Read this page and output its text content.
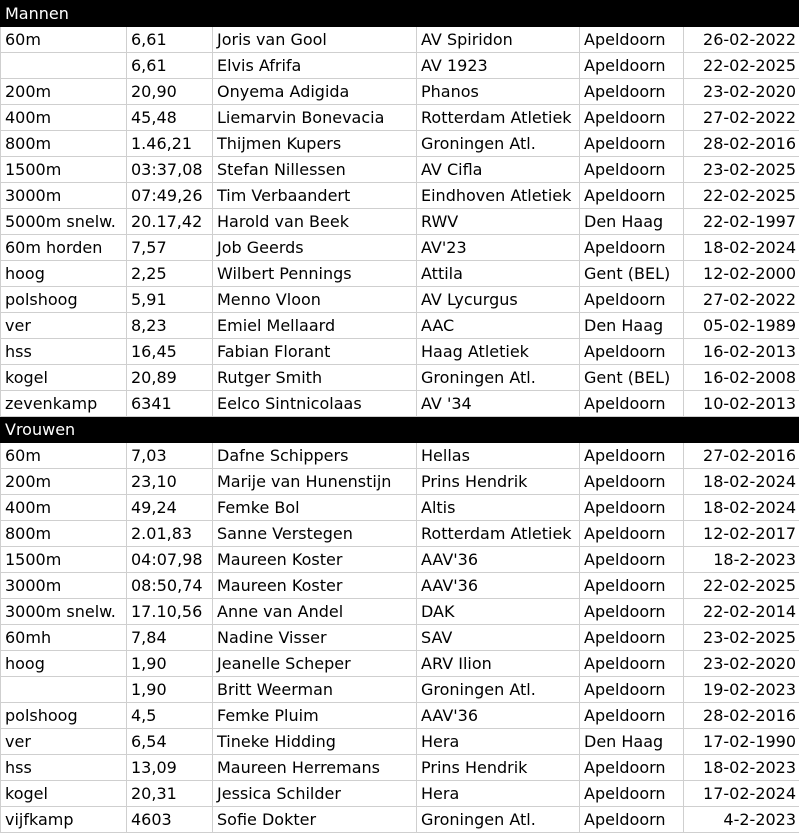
Mannen					
60m	6,61	Joris van Gool	AV Spiridon	Apeldoorn	26-02-2022
	6,61	Elvis Afrifa	AV 1923	Apeldoorn	22-02-2025
200m	20,90	Onyema Adigida	Phanos	Apeldoorn	23-02-2020
400m	45,48	Liemarvin Bonevacia	Rotterdam Atletiek	Apeldoorn	27-02-2022
800m	1.46,21	Thijmen Kupers	Groningen Atl.	Apeldoorn	28-02-2016
1500m	03:37,08	Stefan Nillessen	AV Cifla	Apeldoorn	23-02-2025
3000m	07:49,26	Tim Verbaandert	Eindhoven Atletiek	Apeldoorn	22-02-2025
5000m snelw.	20.17,42	Harold van Beek	RWV	Den Haag	22-02-1997
60m horden	7,57	Job Geerds	AV'23	Apeldoorn	18-02-2024
hoog	2,25	Wilbert Pennings	Attila	Gent (BEL)	12-02-2000
polshoog	5,91	Menno Vloon	AV Lycurgus	Apeldoorn	27-02-2022
ver	8,23	Emiel Mellaard	AAC	Den Haag	05-02-1989
hss	16,45	Fabian Florant	Haag Atletiek	Apeldoorn	16-02-2013
kogel	20,89	Rutger Smith	Groningen Atl.	Gent (BEL)	16-02-2008
zevenkamp	6341	Eelco Sintnicolaas	AV '34	Apeldoorn	10-02-2013
Vrouwen					
60m	7,03	Dafne Schippers	Hellas	Apeldoorn	27-02-2016
200m	23,10	Marije van Hunenstijn	Prins Hendrik	Apeldoorn	18-02-2024
400m	49,24	Femke Bol	Altis	Apeldoorn	18-02-2024
800m	2.01,83	Sanne Verstegen	Rotterdam Atletiek	Apeldoorn	12-02-2017
1500m	04:07,98	Maureen Koster	AAV'36	Apeldoorn	18-2-2023
3000m	08:50,74	Maureen Koster	AAV'36	Apeldoorn	22-02-2025
3000m snelw.	17.10,56	Anne van Andel	DAK	Apeldoorn	22-02-2014
60mh	7,84	Nadine Visser	SAV	Apeldoorn	23-02-2025
hoog	1,90	Jeanelle Scheper	ARV Ilion	Apeldoorn	23-02-2020
	1,90	Britt Weerman	Groningen Atl.	Apeldoorn	19-02-2023
polshoog	4,5	Femke Pluim	AAV'36	Apeldoorn	28-02-2016
ver	6,54	Tineke Hidding	Hera	Den Haag	17-02-1990
hss	13,09	Maureen Herremans	Prins Hendrik	Apeldoorn	18-02-2023
kogel	20,31	Jessica Schilder	Hera	Apeldoorn	17-02-2024
vijfkamp	4603	Sofie Dokter	Groningen Atl.	Apeldoorn	4-2-2023
